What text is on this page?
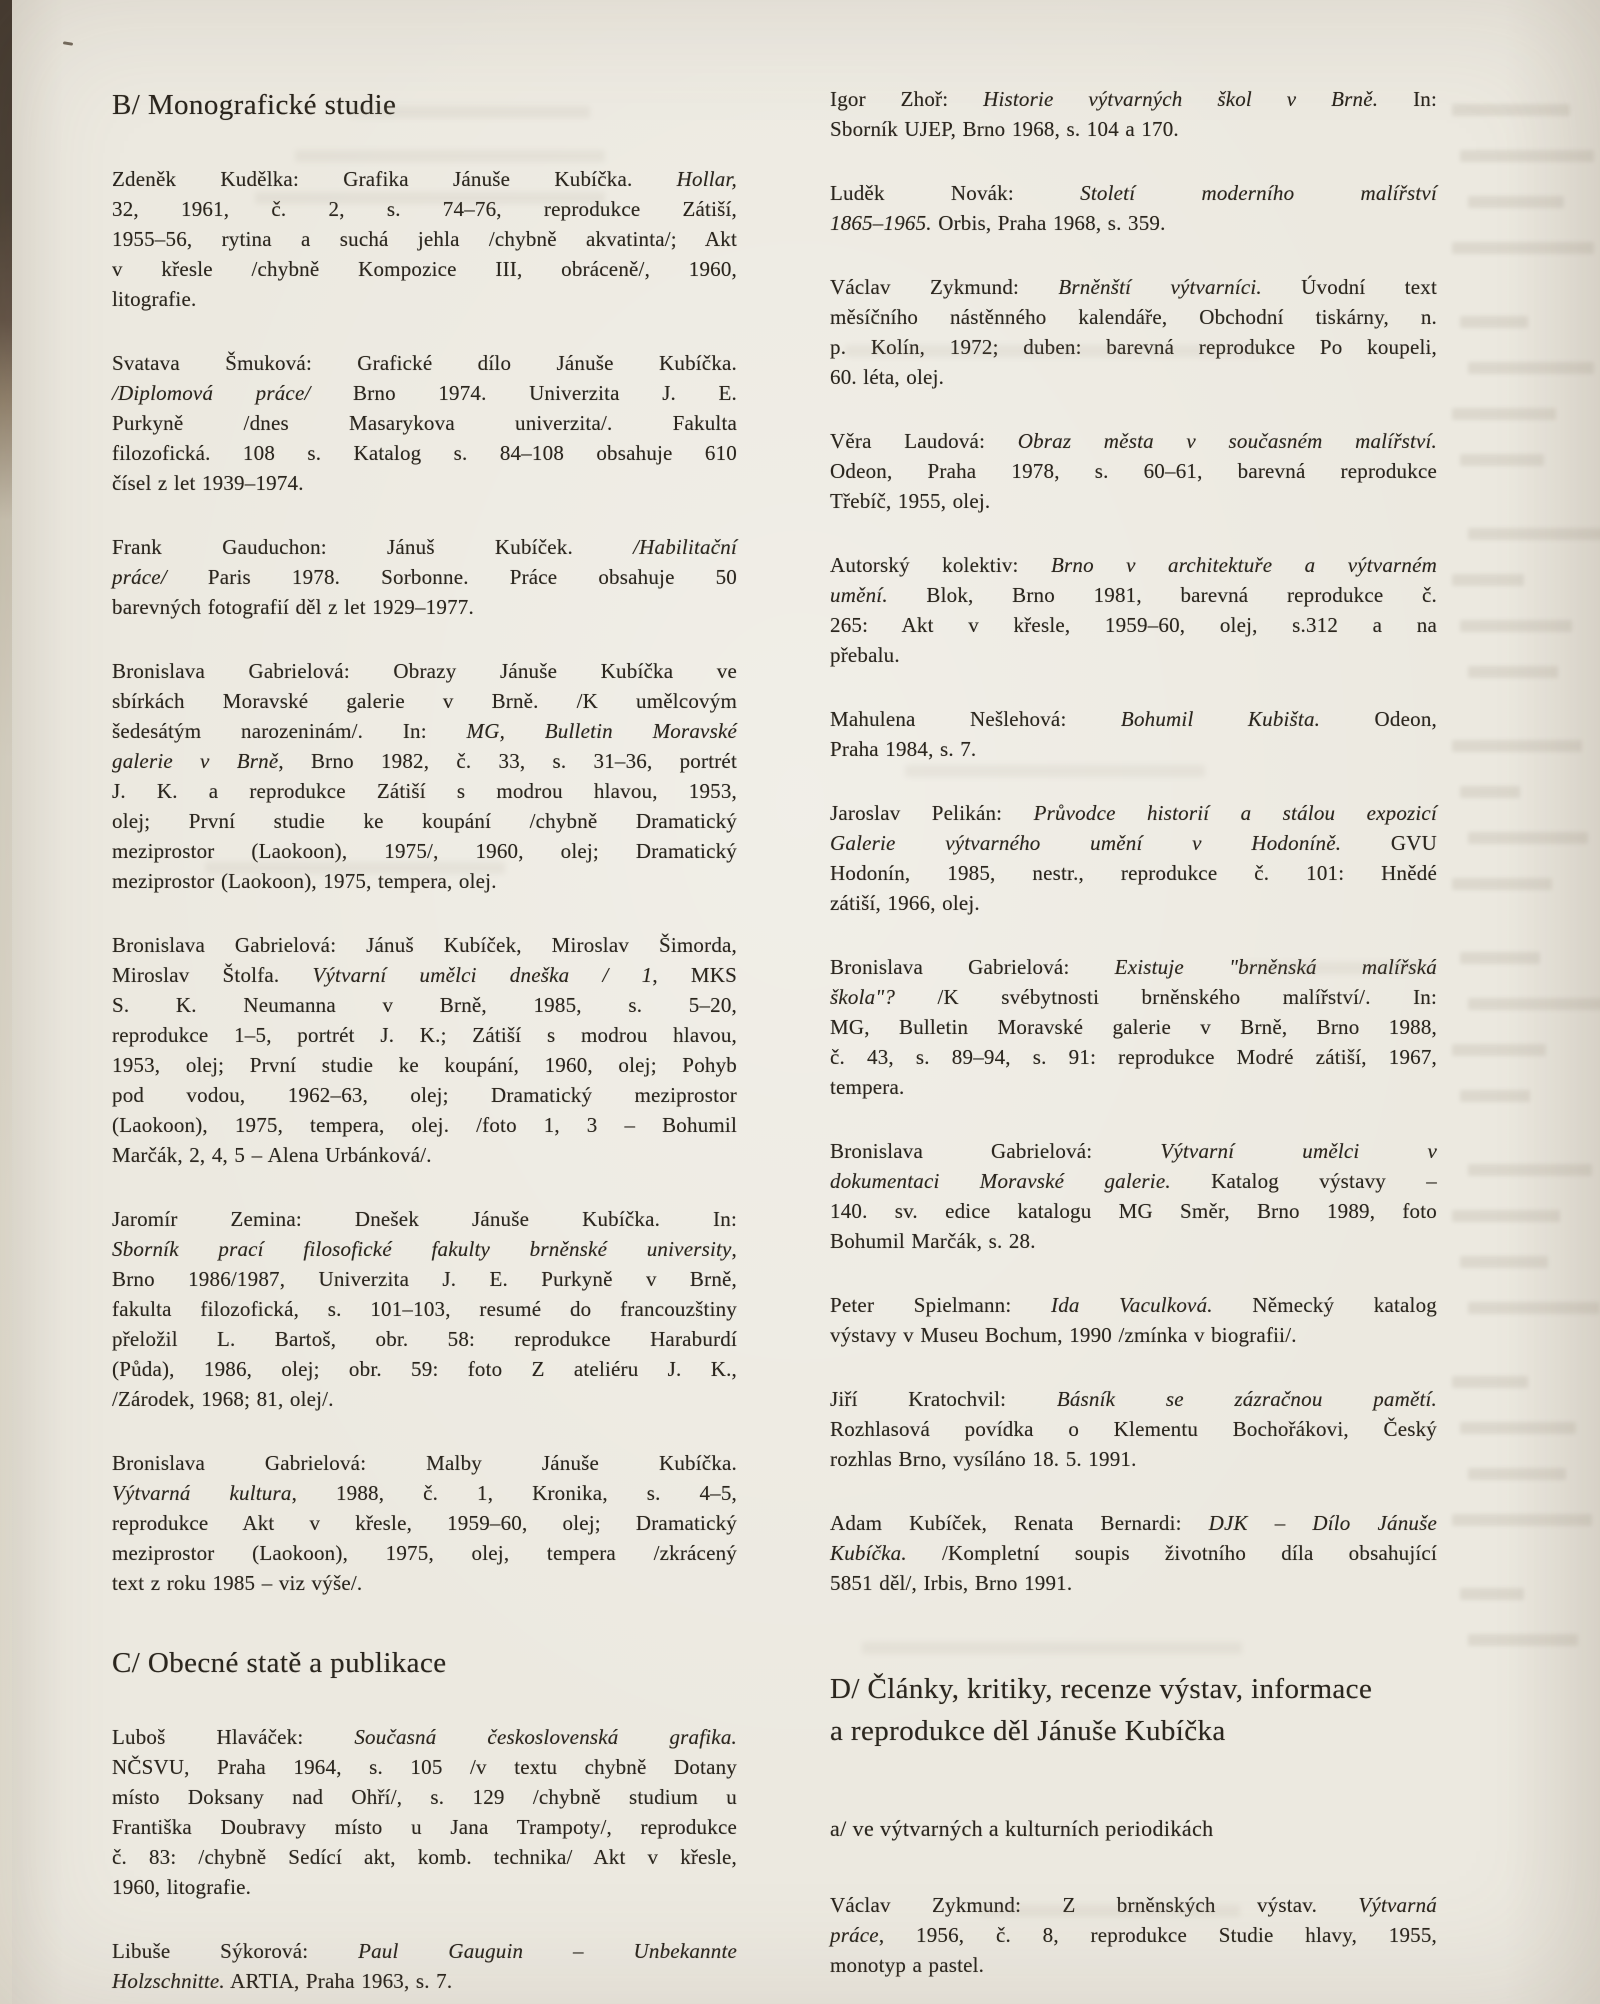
B/ Monografické studie
Zdeněk Kudělka: Grafika Jánuše Kubíčka. Hollar,
32, 1961, č. 2, s. 74–76, reprodukce Zátiší,
1955–56, rytina a suchá jehla /chybně akvatinta/; Akt
v křesle /chybně Kompozice III, obráceně/, 1960,
litografie.
Svatava Šmuková: Grafické dílo Jánuše Kubíčka.
/Diplomová práce/ Brno 1974. Univerzita J. E.
Purkyně /dnes Masarykova univerzita/. Fakulta
filozofická. 108 s. Katalog s. 84–108 obsahuje 610
čísel z let 1939–1974.
Frank Gauduchon: Jánuš Kubíček. /Habilitační
práce/ Paris 1978. Sorbonne. Práce obsahuje 50
barevných fotografií děl z let 1929–1977.
Bronislava Gabrielová: Obrazy Jánuše Kubíčka ve
sbírkách Moravské galerie v Brně. /K umělcovým
šedesátým narozeninám/. In: MG, Bulletin Moravské
galerie v Brně, Brno 1982, č. 33, s. 31–36, portrét
J. K. a reprodukce Zátiší s modrou hlavou, 1953,
olej; První studie ke koupání /chybně Dramatický
meziprostor (Laokoon), 1975/, 1960, olej; Dramatický
meziprostor (Laokoon), 1975, tempera, olej.
Bronislava Gabrielová: Jánuš Kubíček, Miroslav Šimorda,
Miroslav Štolfa. Výtvarní umělci dneška / 1, MKS
S. K. Neumanna v Brně, 1985, s. 5–20,
reprodukce 1–5, portrét J. K.; Zátiší s modrou hlavou,
1953, olej; První studie ke koupání, 1960, olej; Pohyb
pod vodou, 1962–63, olej; Dramatický meziprostor
(Laokoon), 1975, tempera, olej. /foto 1, 3 – Bohumil
Marčák, 2, 4, 5 – Alena Urbánková/.
Jaromír Zemina: Dnešek Jánuše Kubíčka. In:
Sborník prací filosofické fakulty brněnské university,
Brno 1986/1987, Univerzita J. E. Purkyně v Brně,
fakulta filozofická, s. 101–103, resumé do francouzštiny
přeložil L. Bartoš, obr. 58: reprodukce Haraburdí
(Půda), 1986, olej; obr. 59: foto Z ateliéru J. K.,
/Zárodek, 1968; 81, olej/.
Bronislava Gabrielová: Malby Jánuše Kubíčka.
Výtvarná kultura, 1988, č. 1, Kronika, s. 4–5,
reprodukce Akt v křesle, 1959–60, olej; Dramatický
meziprostor (Laokoon), 1975, olej, tempera /zkrácený
text z roku 1985 – viz výše/.
C/ Obecné statě a publikace
Luboš Hlaváček: Současná československá grafika.
NČSVU, Praha 1964, s. 105 /v textu chybně Dotany
místo Doksany nad Ohří/, s. 129 /chybně studium u
Františka Doubravy místo u Jana Trampoty/, reprodukce
č. 83: /chybně Sedící akt, komb. technika/ Akt v křesle,
1960, litografie.
Libuše Sýkorová: Paul Gauguin – Unbekannte
Holzschnitte. ARTIA, Praha 1963, s. 7.
Igor Zhoř: Historie výtvarných škol v Brně. In:
Sborník UJEP, Brno 1968, s. 104 a 170.
Luděk Novák: Století moderního malířství
1865–1965. Orbis, Praha 1968, s. 359.
Václav Zykmund: Brněnští výtvarníci. Úvodní text
měsíčního nástěnného kalendáře, Obchodní tiskárny, n.
p. Kolín, 1972; duben: barevná reprodukce Po koupeli,
60. léta, olej.
Věra Laudová: Obraz města v současném malířství.
Odeon, Praha 1978, s. 60–61, barevná reprodukce
Třebíč, 1955, olej.
Autorský kolektiv: Brno v architektuře a výtvarném
umění. Blok, Brno 1981, barevná reprodukce č.
265: Akt v křesle, 1959–60, olej, s.312 a na
přebalu.
Mahulena Nešlehová: Bohumil Kubišta. Odeon,
Praha 1984, s. 7.
Jaroslav Pelikán: Průvodce historií a stálou expozicí
Galerie výtvarného umění v Hodoníně. GVU
Hodonín, 1985, nestr., reprodukce č. 101: Hnědé
zátiší, 1966, olej.
Bronislava Gabrielová: Existuje "brněnská malířská
škola"? /K svébytnosti brněnského malířství/. In:
MG, Bulletin Moravské galerie v Brně, Brno 1988,
č. 43, s. 89–94, s. 91: reprodukce Modré zátiší, 1967,
tempera.
Bronislava Gabrielová: Výtvarní umělci v
dokumentaci Moravské galerie. Katalog výstavy –
140. sv. edice katalogu MG Směr, Brno 1989, foto
Bohumil Marčák, s. 28.
Peter Spielmann: Ida Vaculková. Německý katalog
výstavy v Museu Bochum, 1990 /zmínka v biografii/.
Jiří Kratochvil: Básník se zázračnou pamětí.
Rozhlasová povídka o Klementu Bochořákovi, Český
rozhlas Brno, vysíláno 18. 5. 1991.
Adam Kubíček, Renata Bernardi: DJK – Dílo Jánuše
Kubíčka. /Kompletní soupis životního díla obsahující
5851 děl/, Irbis, Brno 1991.
D/ Články, kritiky, recenze výstav, informace
a reprodukce děl Jánuše Kubíčka
a/ ve výtvarných a kulturních periodikách
Václav Zykmund: Z brněnských výstav. Výtvarná
práce, 1956, č. 8, reprodukce Studie hlavy, 1955,
monotyp a pastel.
